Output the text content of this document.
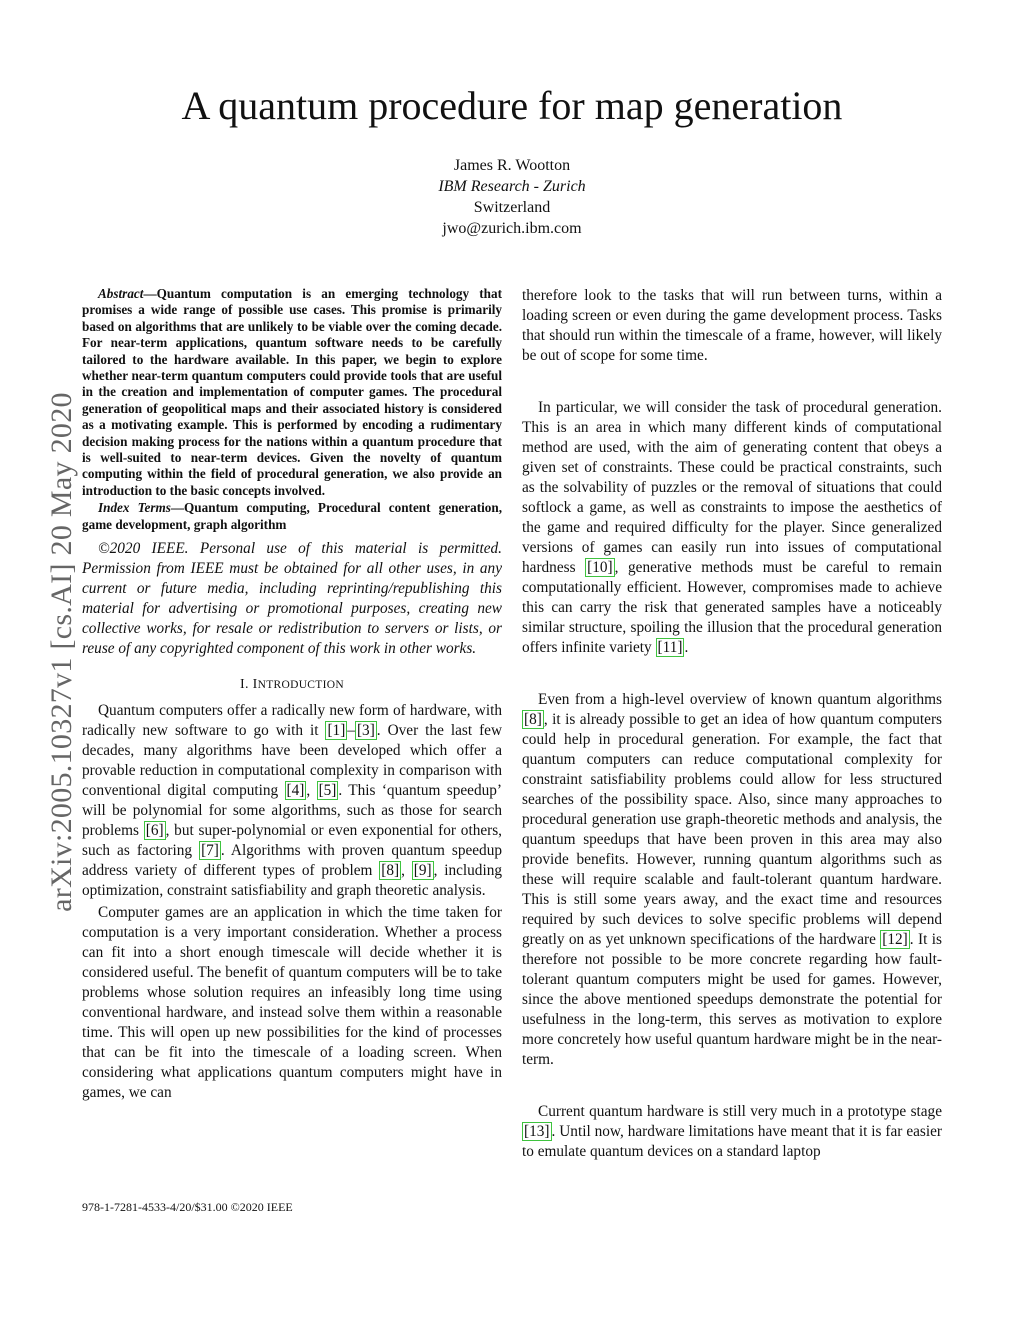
A quantum procedure for map generation
James R. Wootton
IBM Research - Zurich
Switzerland
jwo@zurich.ibm.com
arXiv:2005.10327v1 [cs.AI] 20 May 2020

Abstract—Quantum computation is an emerging technology that promises a wide range of possible use cases. This promise is primarily based on algorithms that are unlikely to be viable over the coming decade. For near-term applications, quantum software needs to be carefully tailored to the hardware available. In this paper, we begin to explore whether near-term quantum computers could provide tools that are useful in the creation and implementation of computer games. The procedural generation of geopolitical maps and their associated history is considered as a motivating example. This is performed by encoding a rudimentary decision making process for the nations within a quantum procedure that is well-suited to near-term devices. Given the novelty of quantum computing within the field of procedural generation, we also provide an introduction to the basic concepts involved.

Index Terms—Quantum computing, Procedural content generation, game development, graph algorithm

©2020 IEEE. Personal use of this material is permitted. Permission from IEEE must be obtained for all other uses, in any current or future media, including reprinting/republishing this material for advertising or promotional purposes, creating new collective works, for resale or redistribution to servers or lists, or reuse of any copyrighted component of this work in other works.

I. INTRODUCTION

Quantum computers offer a radically new form of hardware, with radically new software to go with it [1] – [3] . Over the last few decades, many algorithms have been developed which offer a provable reduction in computational complexity in comparison with conventional digital computing [4] , [5] . This ‘quantum speedup’ will be polynomial for some algorithms, such as those for search problems [6] , but super-polynomial or even exponential for others, such as factoring [7] . Algorithms with proven quantum speedup address variety of different types of problem [8] , [9] , including optimization, constraint satisfiability and graph theoretic analysis.

Computer games are an application in which the time taken for computation is a very important consideration. Whether a process can fit into a short enough timescale will decide whether it is considered useful. The benefit of quantum computers will be to take problems whose solution requires an infeasibly long time using conventional hardware, and instead solve them within a reasonable time. This will open up new possibilities for the kind of processes that can be fit into the timescale of a loading screen. When considering what applications quantum computers might have in games, we can

therefore look to the tasks that will run between turns, within a loading screen or even during the game development process. Tasks that should run within the timescale of a frame, however, will likely be out of scope for some time.

In particular, we will consider the task of procedural generation. This is an area in which many different kinds of computational method are used, with the aim of generating content that obeys a given set of constraints. These could be practical constraints, such as the solvability of puzzles or the removal of situations that could softlock a game, as well as constraints to impose the aesthetics of the game and required difficulty for the player. Since generalized versions of games can easily run into issues of computational hardness [10] , generative methods must be careful to remain computationally efficient. However, compromises made to achieve this can carry the risk that generated samples have a noticeably similar structure, spoiling the illusion that the procedural generation offers infinite variety [11] .

Even from a high-level overview of known quantum algorithms [8] , it is already possible to get an idea of how quantum computers could help in procedural generation. For example, the fact that quantum computers can reduce computational complexity for constraint satisfiability problems could allow for less structured searches of the possibility space. Also, since many approaches to procedural generation use graph-theoretic methods and analysis, the quantum speedups that have been proven in this area may also provide benefits. However, running quantum algorithms such as these will require scalable and fault-tolerant quantum hardware. This is still some years away, and the exact time and resources required by such devices to solve specific problems will depend greatly on as yet unknown specifications of the hardware [12] . It is therefore not possible to be more concrete regarding how fault-tolerant quantum computers might be used for games. However, since the above mentioned speedups demonstrate the potential for usefulness in the long-term, this serves as motivation to explore more concretely how useful quantum hardware might be in the near-term.

Current quantum hardware is still very much in a prototype stage [13] . Until now, hardware limitations have meant that it is far easier to emulate quantum devices on a standard laptop

978-1-7281-4533-4/20/$31.00 ©2020 IEEE
